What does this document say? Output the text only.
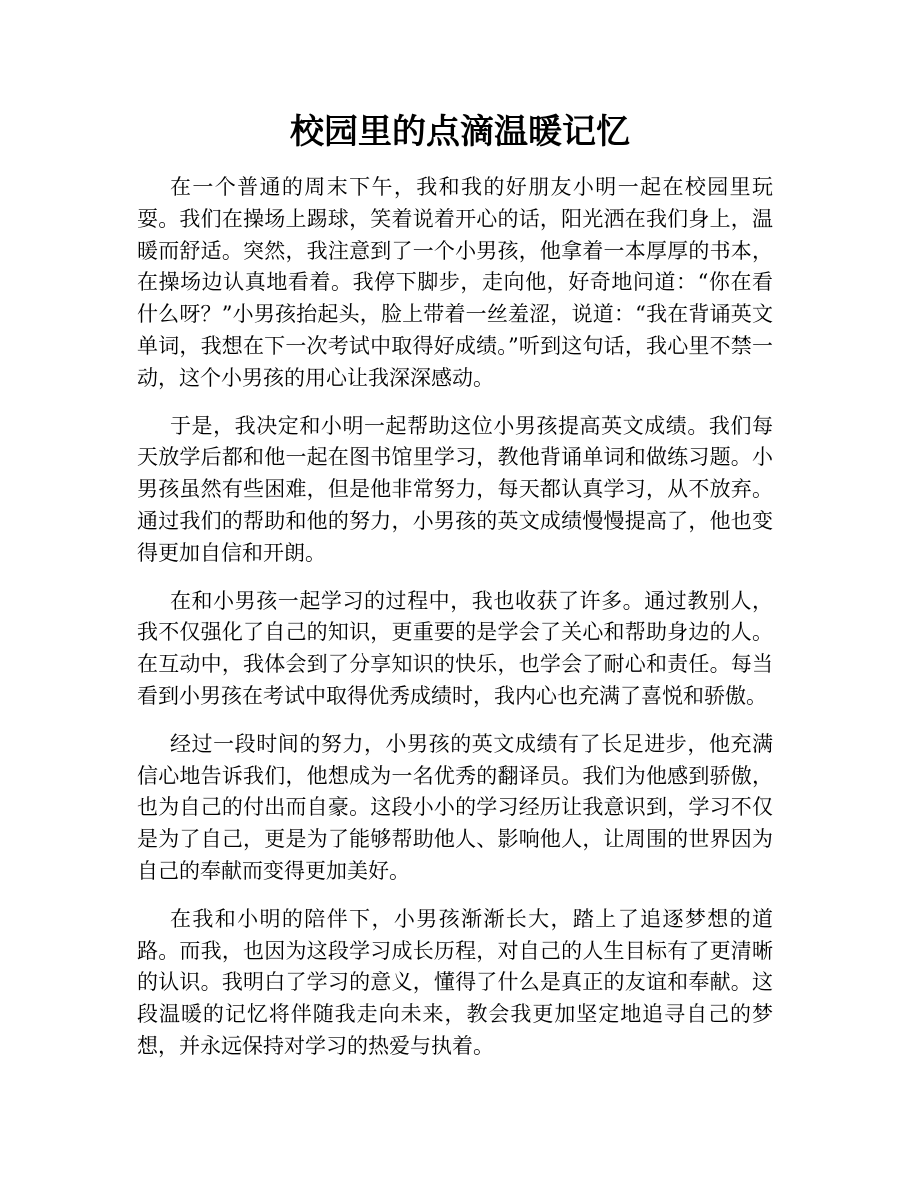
校园里的点滴温暖记忆

在一个普通的周末下午，我和我的好朋友小明一起在校园里玩耍。我们在操场上踢球，笑着说着开心的话，阳光洒在我们身上，温暖而舒适。突然，我注意到了一个小男孩，他拿着一本厚厚的书本，在操场边认真地看着。我停下脚步，走向他，好奇地问道：“你在看什么呀？”小男孩抬起头，脸上带着一丝羞涩，说道：“我在背诵英文单词，我想在下一次考试中取得好成绩。”听到这句话，我心里不禁一动，这个小男孩的用心让我深深感动。

于是，我决定和小明一起帮助这位小男孩提高英文成绩。我们每天放学后都和他一起在图书馆里学习，教他背诵单词和做练习题。小男孩虽然有些困难，但是他非常努力，每天都认真学习，从不放弃。通过我们的帮助和他的努力，小男孩的英文成绩慢慢提高了，他也变得更加自信和开朗。

在和小男孩一起学习的过程中，我也收获了许多。通过教别人，我不仅强化了自己的知识，更重要的是学会了关心和帮助身边的人。在互动中，我体会到了分享知识的快乐，也学会了耐心和责任。每当看到小男孩在考试中取得优秀成绩时，我内心也充满了喜悦和骄傲。

经过一段时间的努力，小男孩的英文成绩有了长足进步，他充满信心地告诉我们，他想成为一名优秀的翻译员。我们为他感到骄傲，也为自己的付出而自豪。这段小小的学习经历让我意识到，学习不仅是为了自己，更是为了能够帮助他人、影响他人，让周围的世界因为自己的奉献而变得更加美好。

在我和小明的陪伴下，小男孩渐渐长大，踏上了追逐梦想的道路。而我，也因为这段学习成长历程，对自己的人生目标有了更清晰的认识。我明白了学习的意义，懂得了什么是真正的友谊和奉献。这段温暖的记忆将伴随我走向未来，教会我更加坚定地追寻自己的梦想，并永远保持对学习的热爱与执着。
